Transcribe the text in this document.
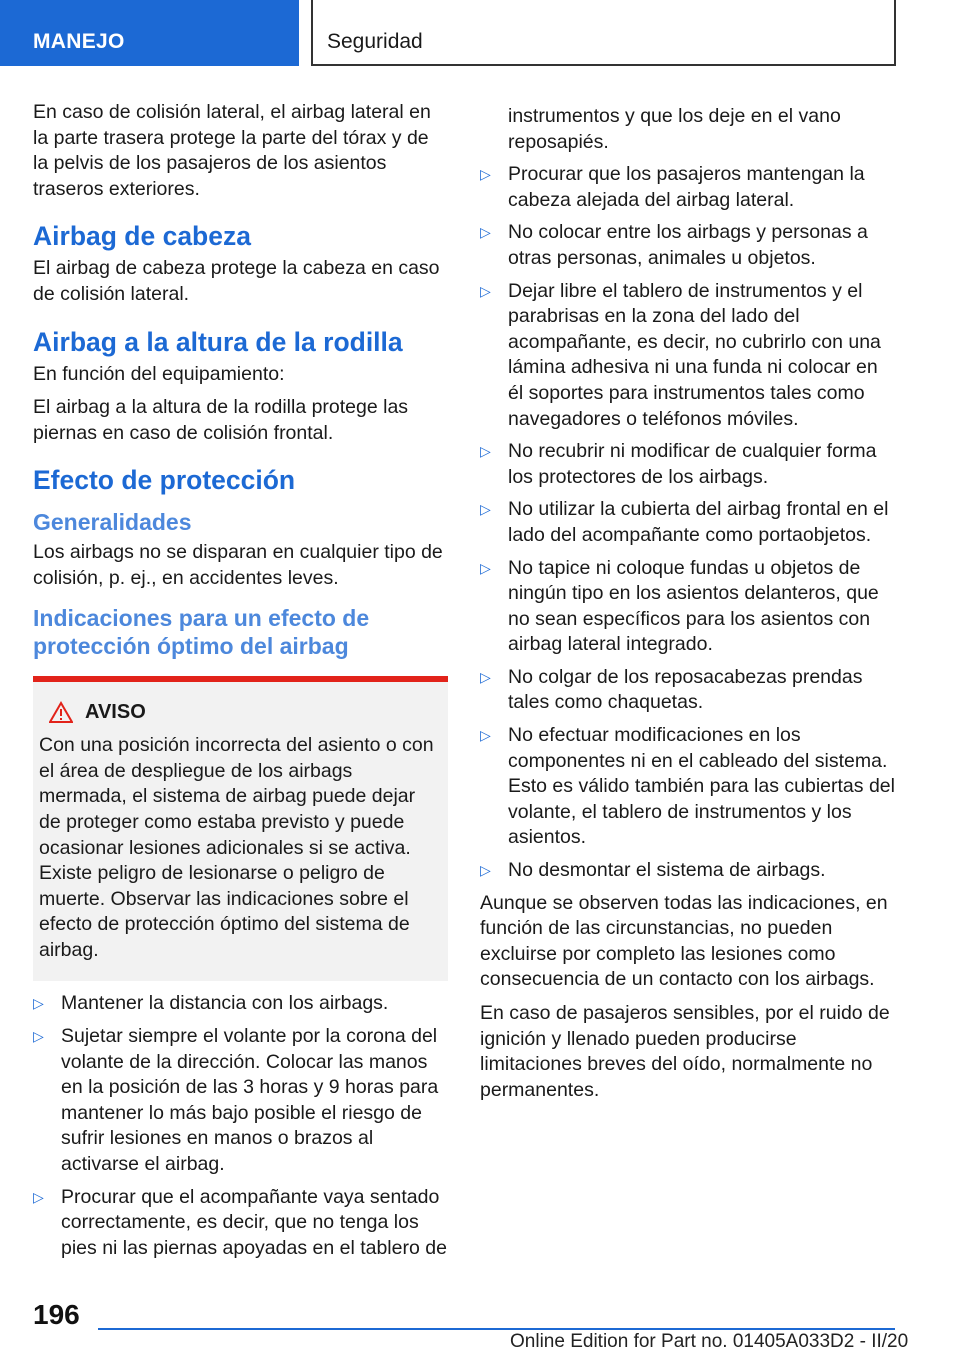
MANEJO	Seguridad

En caso de colisión lateral, el airbag lateral en la parte trasera protege la parte del tórax y de la pelvis de los pasajeros de los asientos traseros exteriores.

Airbag de cabeza

El airbag de cabeza protege la cabeza en caso de colisión lateral.

Airbag a la altura de la rodilla

En función del equipamiento:

El airbag a la altura de la rodilla protege las piernas en caso de colisión frontal.

Efecto de protección
Generalidades

Los airbags no se disparan en cualquier tipo de colisión, p. ej., en accidentes leves.

Indicaciones para un efecto de protección óptimo del airbag
AVISO
Con una posición incorrecta del asiento o con el área de despliegue de los airbags mermada, el sistema de airbag puede dejar de proteger como estaba previsto y puede ocasionar lesiones adicionales si se activa. Existe peligro de lesionarse o peligro de muerte. Observar las indicaciones sobre el efecto de protección óptimo del sistema de airbag.
▷ Mantener la distancia con los airbags.
▷ Sujetar siempre el volante por la corona del volante de la dirección. Colocar las manos en la posición de las 3 horas y 9 horas para mantener lo más bajo posible el riesgo de sufrir lesiones en manos o brazos al activarse el airbag.
▷ Procurar que el acompañante vaya sentado correctamente, es decir, que no tenga los pies ni las piernas apoyadas en el tablero de
instrumentos y que los deje en el vano reposapiés.
▷ Procurar que los pasajeros mantengan la cabeza alejada del airbag lateral.
▷ No colocar entre los airbags y personas a otras personas, animales u objetos.
▷ Dejar libre el tablero de instrumentos y el parabrisas en la zona del lado del acompañante, es decir, no cubrirlo con una lámina adhesiva ni una funda ni colocar en él soportes para instrumentos tales como navegadores o teléfonos móviles.
▷ No recubrir ni modificar de cualquier forma los protectores de los airbags.
▷ No utilizar la cubierta del airbag frontal en el lado del acompañante como portaobjetos.
▷ No tapice ni coloque fundas u objetos de ningún tipo en los asientos delanteros, que no sean específicos para los asientos con airbag lateral integrado.
▷ No colgar de los reposacabezas prendas tales como chaquetas.
▷ No efectuar modificaciones en los componentes ni en el cableado del sistema. Esto es válido también para las cubiertas del volante, el tablero de instrumentos y los asientos.
▷ No desmontar el sistema de airbags.

Aunque se observen todas las indicaciones, en función de las circunstancias, no pueden excluirse por completo las lesiones como consecuencia de un contacto con los airbags.

En caso de pasajeros sensibles, por el ruido de ignición y llenado pueden producirse limitaciones breves del oído, normalmente no permanentes.

196
Online Edition for Part no. 01405A033D2 - II/20
